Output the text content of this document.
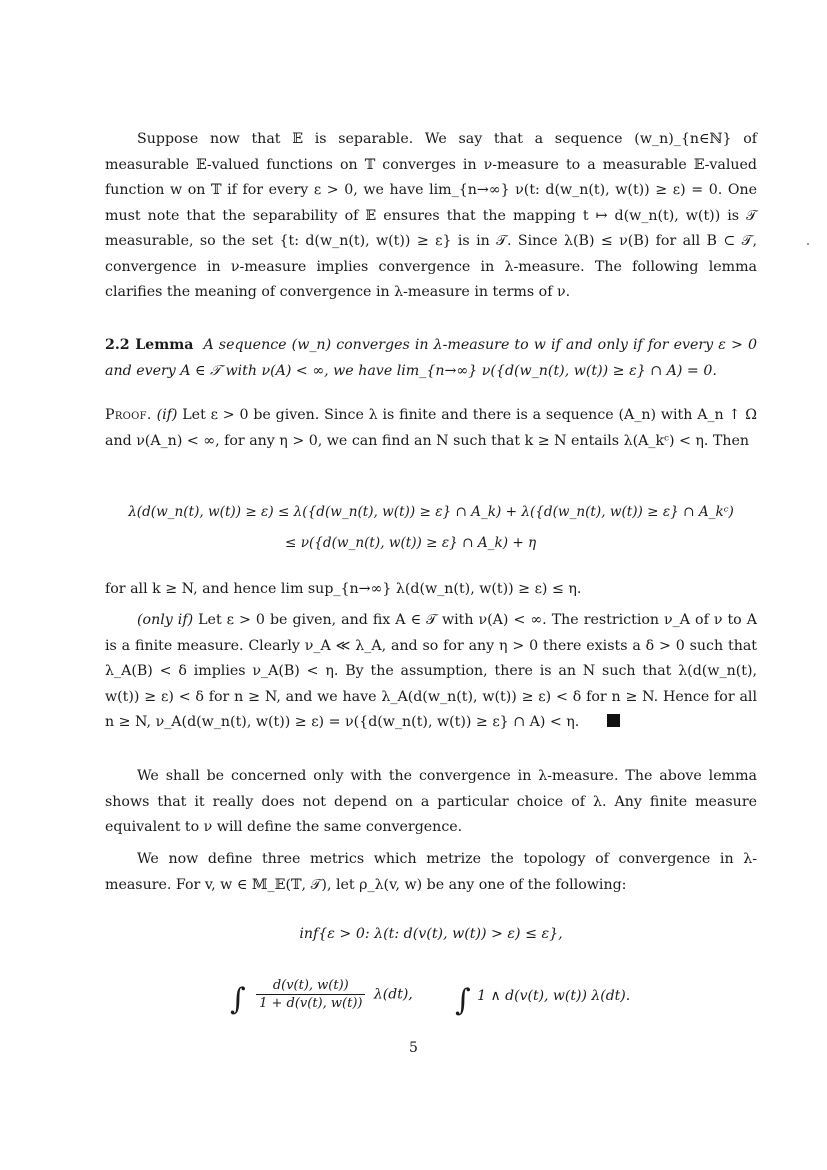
Suppose now that 𝔼 is separable. We say that a sequence (w_n)_{n∈ℕ} of measurable 𝔼-valued functions on 𝕋 converges in ν-measure to a measurable 𝔼-valued function w on 𝕋 if for every ε > 0, we have lim_{n→∞} ν(t: d(w_n(t), w(t)) ≥ ε) = 0. One must note that the separability of 𝔼 ensures that the mapping t ↦ d(w_n(t), w(t)) is 𝒯 measurable, so the set {t: d(w_n(t), w(t)) ≥ ε} is in 𝒯. Since λ(B) ≤ ν(B) for all B ⊂ 𝒯, convergence in ν-measure implies convergence in λ-measure. The following lemma clarifies the meaning of convergence in λ-measure in terms of ν.

2.2 Lemma A sequence (w_n) converges in λ-measure to w if and only if for every ε > 0 and every A ∈ 𝒯 with ν(A) < ∞, we have lim_{n→∞} ν({d(w_n(t), w(t)) ≥ ε} ∩ A) = 0.

Proof. (if) Let ε > 0 be given. Since λ is finite and there is a sequence (A_n) with A_n ↑ Ω and ν(A_n) < ∞, for any η > 0, we can find an N such that k ≥ N entails λ(A_kᶜ) < η. Then

λ(d(w_n(t), w(t)) ≥ ε) ≤ λ({d(w_n(t), w(t)) ≥ ε} ∩ A_k) + λ({d(w_n(t), w(t)) ≥ ε} ∩ A_kᶜ)
≤ ν({d(w_n(t), w(t)) ≥ ε} ∩ A_k) + η

for all k ≥ N, and hence lim sup_{n→∞} λ(d(w_n(t), w(t)) ≥ ε) ≤ η.

(only if) Let ε > 0 be given, and fix A ∈ 𝒯 with ν(A) < ∞. The restriction ν_A of ν to A is a finite measure. Clearly ν_A ≪ λ_A, and so for any η > 0 there exists a δ > 0 such that λ_A(B) < δ implies ν_A(B) < η. By the assumption, there is an N such that λ(d(w_n(t), w(t)) ≥ ε) < δ for n ≥ N, and we have λ_A(d(w_n(t), w(t)) ≥ ε) < δ for n ≥ N. Hence for all n ≥ N, ν_A(d(w_n(t), w(t)) ≥ ε) = ν({d(w_n(t), w(t)) ≥ ε} ∩ A) < η.

We shall be concerned only with the convergence in λ-measure. The above lemma shows that it really does not depend on a particular choice of λ. Any finite measure equivalent to ν will define the same convergence.

We now define three metrics which metrize the topology of convergence in λ-measure. For v, w ∈ 𝕄_𝔼(𝕋, 𝒯), let ρ_λ(v, w) be any one of the following:

inf{ε > 0: λ(t: d(v(t), w(t)) > ε) ≤ ε},
∫ $\frac{d(v(t), w(t))}{1 + d(v(t), w(t))} \lambda(dt)$, ∫ 1 ∧ d(v(t), w(t)) λ(dt).
5
